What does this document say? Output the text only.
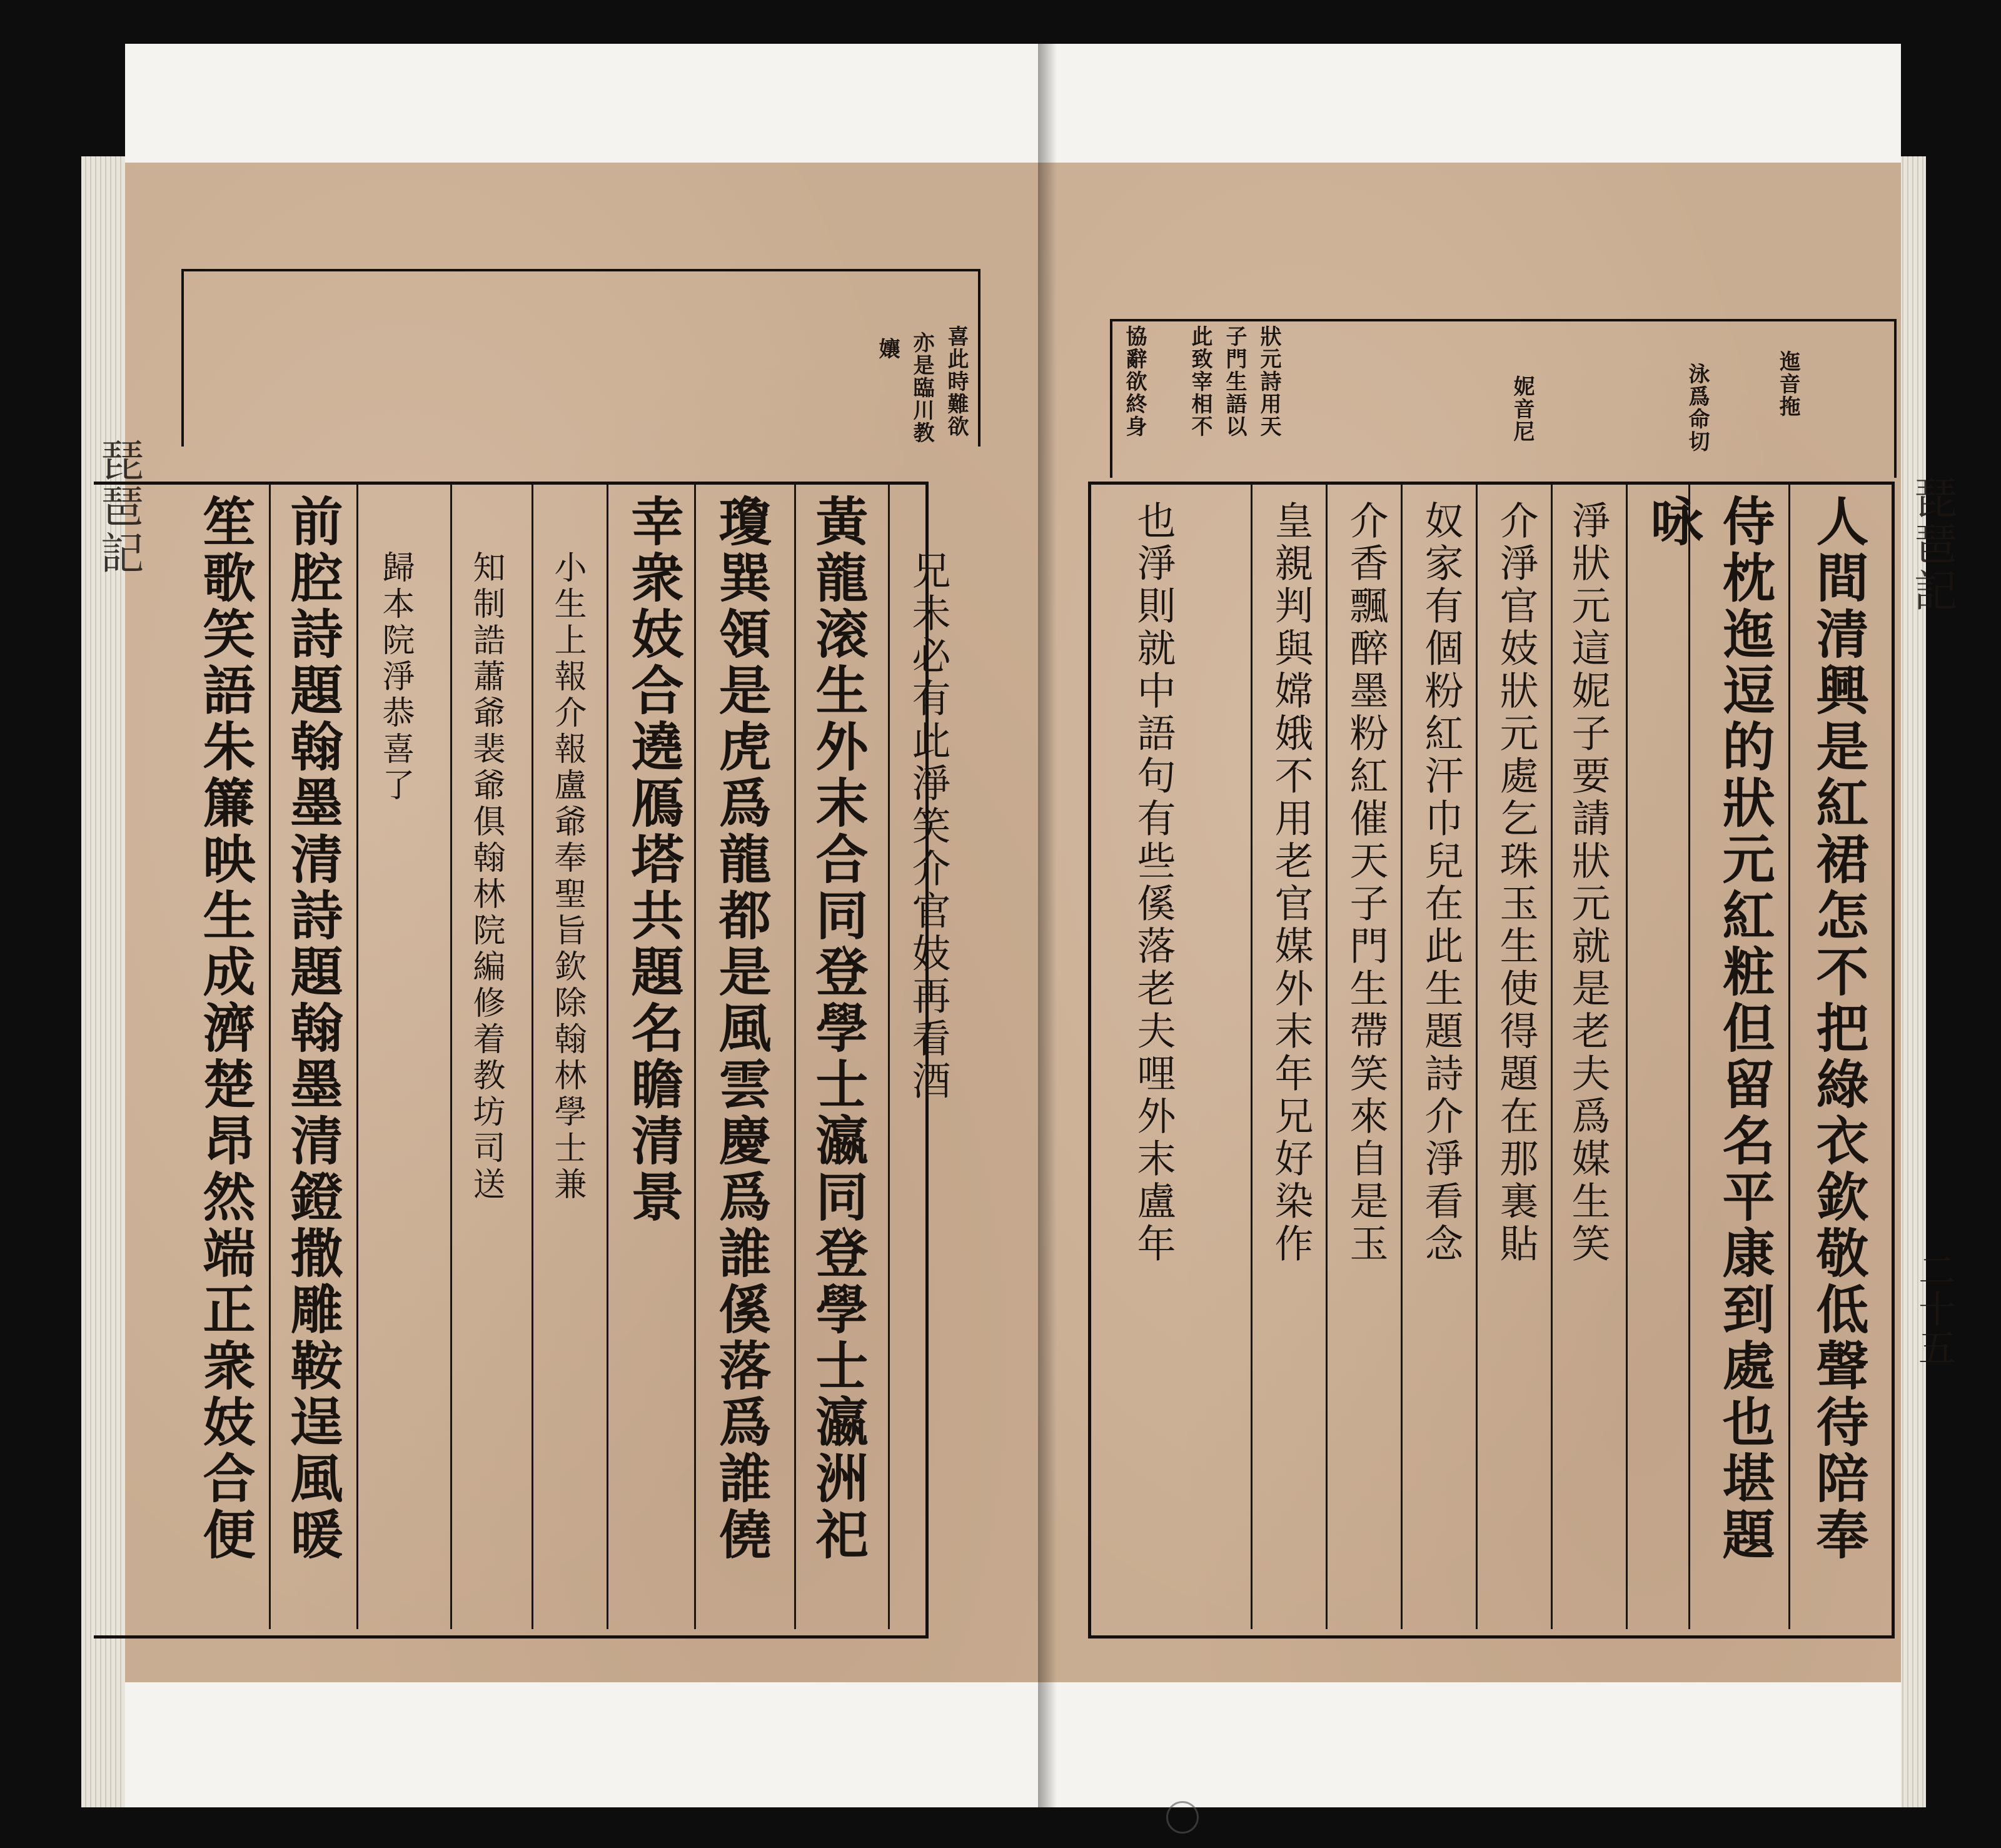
人間清興是紅裙怎不把綠衣欽敬低聲待陪奉
侍枕迤逗的狀元紅粧但留名平康到處也堪題
咏
淨狀元這妮子要請狀元就是老夫爲媒生笑
介淨官妓狀元處乞珠玉生使得題在那裏貼
奴家有個粉紅汗巾兒在此生題詩介淨看念
介香飄醉墨粉紅催天子門生帶笑來自是玉
皇親判與嫦娥不用老官媒外末年兄好染作
也淨則就中語句有些傒落老夫哩外末盧年
迤音拖
泳爲命切
妮音尼
狀元詩用天
子門生語以
此致宰相不
協辭欲終身
兄未必有此淨笑介官妓再看酒
黃龍滚生外末合同登學士瀛同登學士瀛洲祀
瓊巽領是虎爲龍都是風雲慶爲誰傒落爲誰僥
幸衆妓合遶鴈塔共題名瞻清景
小生上報介報盧爺奉聖旨欽除翰林學士兼
知制誥蕭爺裴爺俱翰林院編修着教坊司送
歸本院淨恭喜了
前腔詩題翰墨清詩題翰墨清鐙撒雕鞍逞風暖
笙歌笑語朱簾映生成濟楚昂然端正衆妓合便
喜此時難欲
亦是臨川教
孃
琵琶記	琵琶記
二十五
